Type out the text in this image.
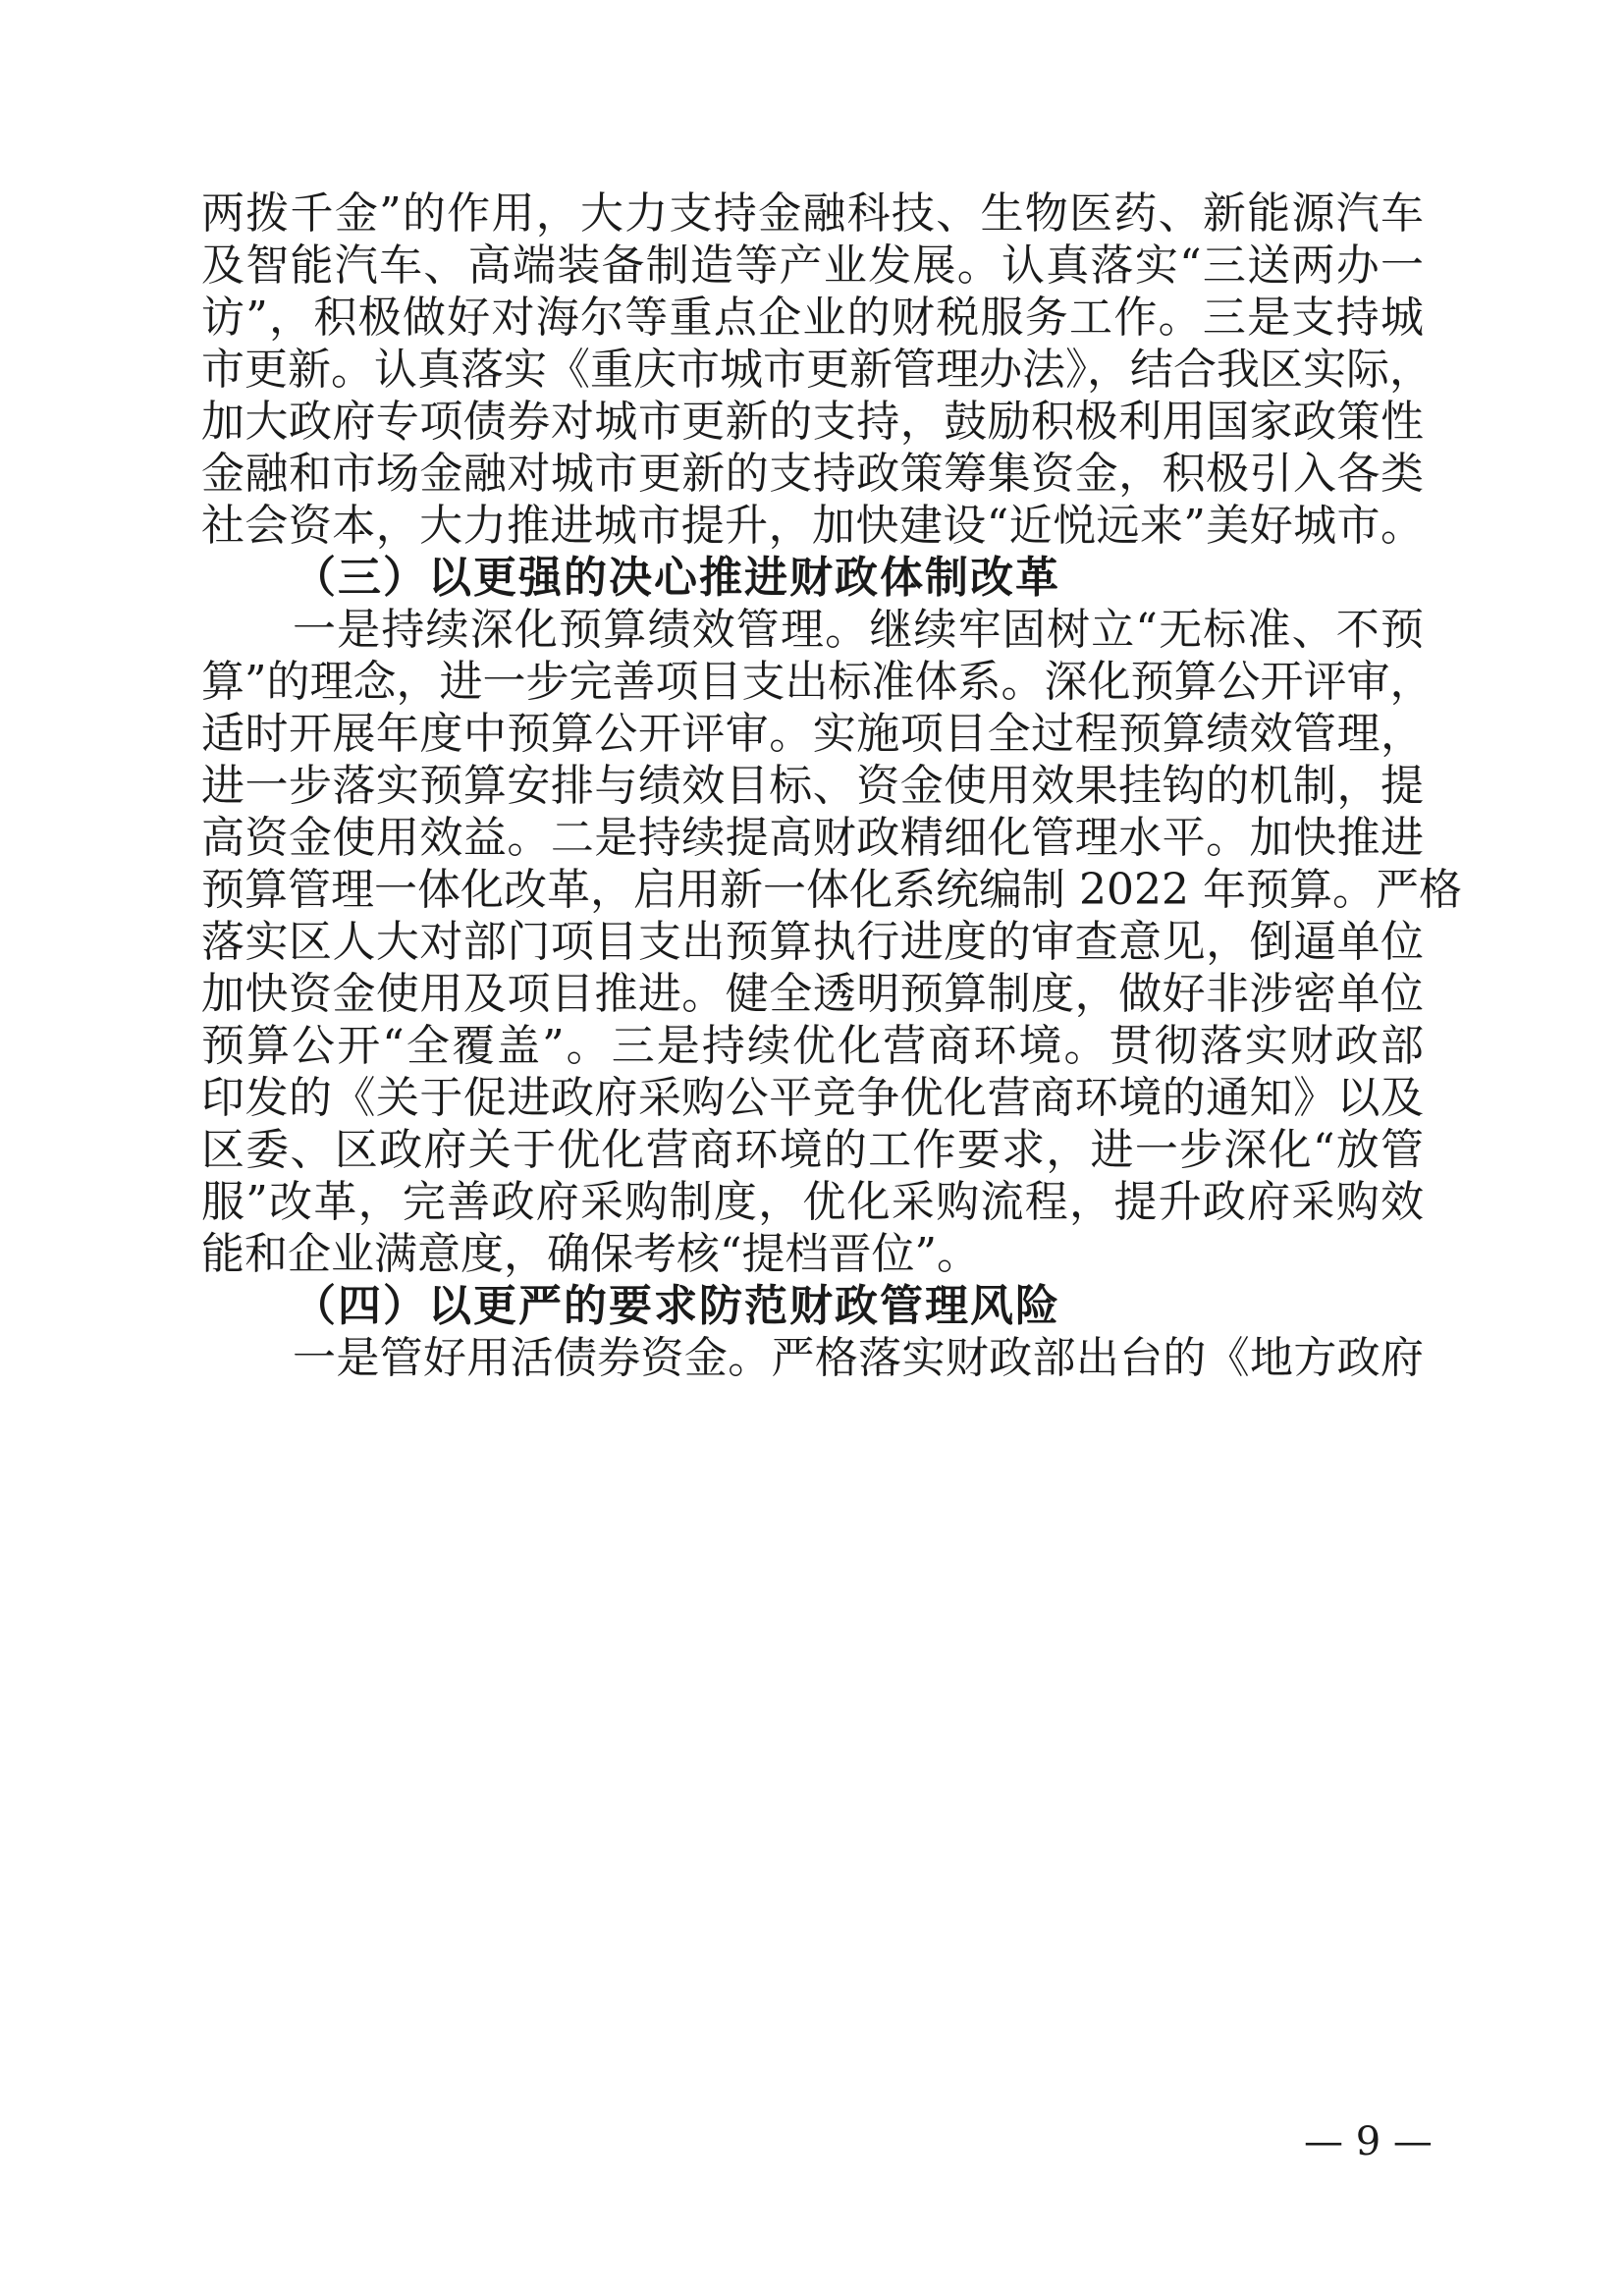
两拨千金”的作用，大力支持金融科技、生物医药、新能源汽车
及智能汽车、高端装备制造等产业发展。认真落实“三送两办一
访”，积极做好对海尔等重点企业的财税服务工作。三是支持城
市更新。认真落实《重庆市城市更新管理办法》，结合我区实际，
加大政府专项债券对城市更新的支持，鼓励积极利用国家政策性
金融和市场金融对城市更新的支持政策筹集资金，积极引入各类
社会资本，大力推进城市提升，加快建设“近悦远来”美好城市。
（三）以更强的决心推进财政体制改革
一是持续深化预算绩效管理。继续牢固树立“无标准、不预
算”的理念，进一步完善项目支出标准体系。深化预算公开评审，
适时开展年度中预算公开评审。实施项目全过程预算绩效管理，
进一步落实预算安排与绩效目标、资金使用效果挂钩的机制，提
高资金使用效益。二是持续提高财政精细化管理水平。加快推进
预算管理一体化改革，启用新一体化系统编制 2022 年预算。严格
落实区人大对部门项目支出预算执行进度的审查意见，倒逼单位
加快资金使用及项目推进。健全透明预算制度，做好非涉密单位
预算公开“全覆盖”。三是持续优化营商环境。贯彻落实财政部
印发的《关于促进政府采购公平竞争优化营商环境的通知》以及
区委、区政府关于优化营商环境的工作要求，进一步深化“放管
服”改革，完善政府采购制度，优化采购流程，提升政府采购效
能和企业满意度，确保考核“提档晋位”。
（四）以更严的要求防范财政管理风险
一是管好用活债券资金。严格落实财政部出台的《地方政府
— 9 —
